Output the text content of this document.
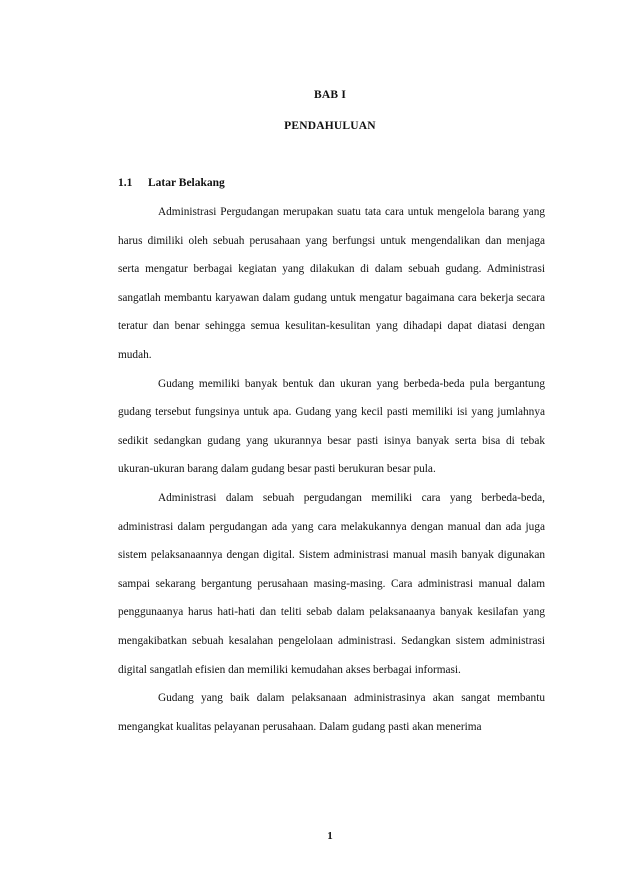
BAB I
PENDAHULUAN
1.1 Latar Belakang

Administrasi Pergudangan merupakan suatu tata cara untuk mengelola barang yang harus dimiliki oleh sebuah perusahaan yang berfungsi untuk mengendalikan dan menjaga serta mengatur berbagai kegiatan yang dilakukan di dalam sebuah gudang. Administrasi sangatlah membantu karyawan dalam gudang untuk mengatur bagaimana cara bekerja secara teratur dan benar sehingga semua kesulitan-kesulitan yang dihadapi dapat diatasi dengan mudah.

Gudang memiliki banyak bentuk dan ukuran yang berbeda-beda pula bergantung gudang tersebut fungsinya untuk apa. Gudang yang kecil pasti memiliki isi yang jumlahnya sedikit sedangkan gudang yang ukurannya besar pasti isinya banyak serta bisa di tebak ukuran-ukuran barang dalam gudang besar pasti berukuran besar pula.

Administrasi dalam sebuah pergudangan memiliki cara yang berbeda-beda, administrasi dalam pergudangan ada yang cara melakukannya dengan manual dan ada juga sistem pelaksanaannya dengan digital. Sistem administrasi manual masih banyak digunakan sampai sekarang bergantung perusahaan masing-masing. Cara administrasi manual dalam penggunaanya harus hati-hati dan teliti sebab dalam pelaksanaanya banyak kesilafan yang mengakibatkan sebuah kesalahan pengelolaan administrasi. Sedangkan sistem administrasi digital sangatlah efisien dan memiliki kemudahan akses berbagai informasi.

Gudang yang baik dalam pelaksanaan administrasinya akan sangat membantu mengangkat kualitas pelayanan perusahaan. Dalam gudang pasti akan menerima

1
